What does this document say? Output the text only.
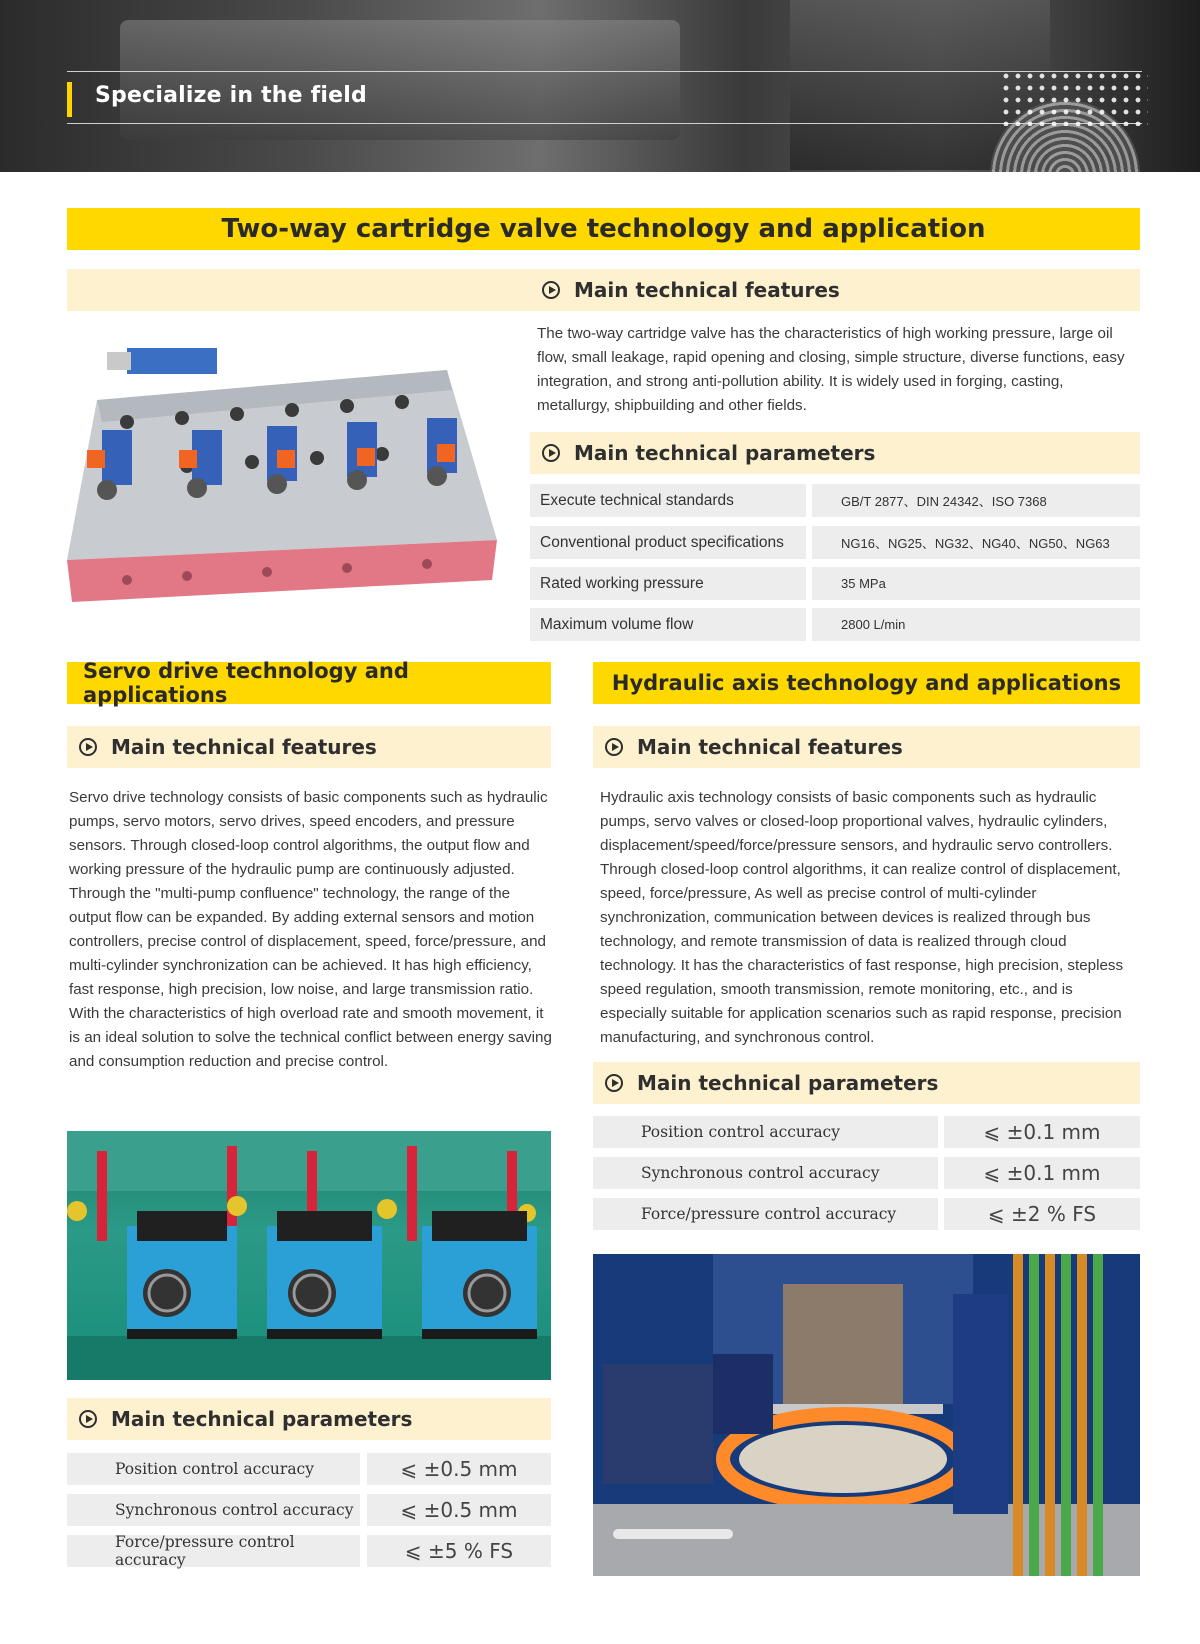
Specialize in the field
Two-way cartridge valve technology and application
Main technical features
The two-way cartridge valve has the characteristics of high working pressure, large oil flow, small leakage, rapid opening and closing, simple structure, diverse functions, easy integration, and strong anti-pollution ability. It is widely used in forging, casting, metallurgy, shipbuilding and other fields.
Main technical parameters
Execute technical standards	GB/T 2877、DIN 24342、ISO 7368
Conventional product specifications	NG16、NG25、NG32、NG40、NG50、NG63
Rated working pressure	35 MPa
Maximum volume flow	2800 L/min
Servo drive technology and applications
Main technical features
Servo drive technology consists of basic components such as hydraulic pumps, servo motors, servo drives, speed encoders, and pressure sensors. Through closed-loop control algorithms, the output flow and working pressure of the hydraulic pump are continuously adjusted. Through the "multi-pump confluence" technology, the range of the output flow can be expanded. By adding external sensors and motion controllers, precise control of displacement, speed, force/pressure, and multi-cylinder synchronization can be achieved. It has high efficiency, fast response, high precision, low noise, and large transmission ratio. With the characteristics of high overload rate and smooth movement, it is an ideal solution to solve the technical conflict between energy saving and consumption reduction and precise control.
Main technical parameters
Position control accuracy	⩽ ±0.5 mm
Synchronous control accuracy	⩽ ±0.5 mm
Force/pressure control accuracy	⩽ ±5 % FS
Hydraulic axis technology and applications
Main technical features
Hydraulic axis technology consists of basic components such as hydraulic pumps, servo valves or closed-loop proportional valves, hydraulic cylinders, displacement/speed/force/pressure sensors, and hydraulic servo controllers. Through closed-loop control algorithms, it can realize control of displacement, speed, force/pressure, As well as precise control of multi-cylinder synchronization, communication between devices is realized through bus technology, and remote transmission of data is realized through cloud technology. It has the characteristics of fast response, high precision, stepless speed regulation, smooth transmission, remote monitoring, etc., and is especially suitable for application scenarios such as rapid response, precision manufacturing, and synchronous control.
Main technical parameters
Position control accuracy	⩽ ±0.1 mm
Synchronous control accuracy	⩽ ±0.1 mm
Force/pressure control accuracy	⩽ ±2 % FS
